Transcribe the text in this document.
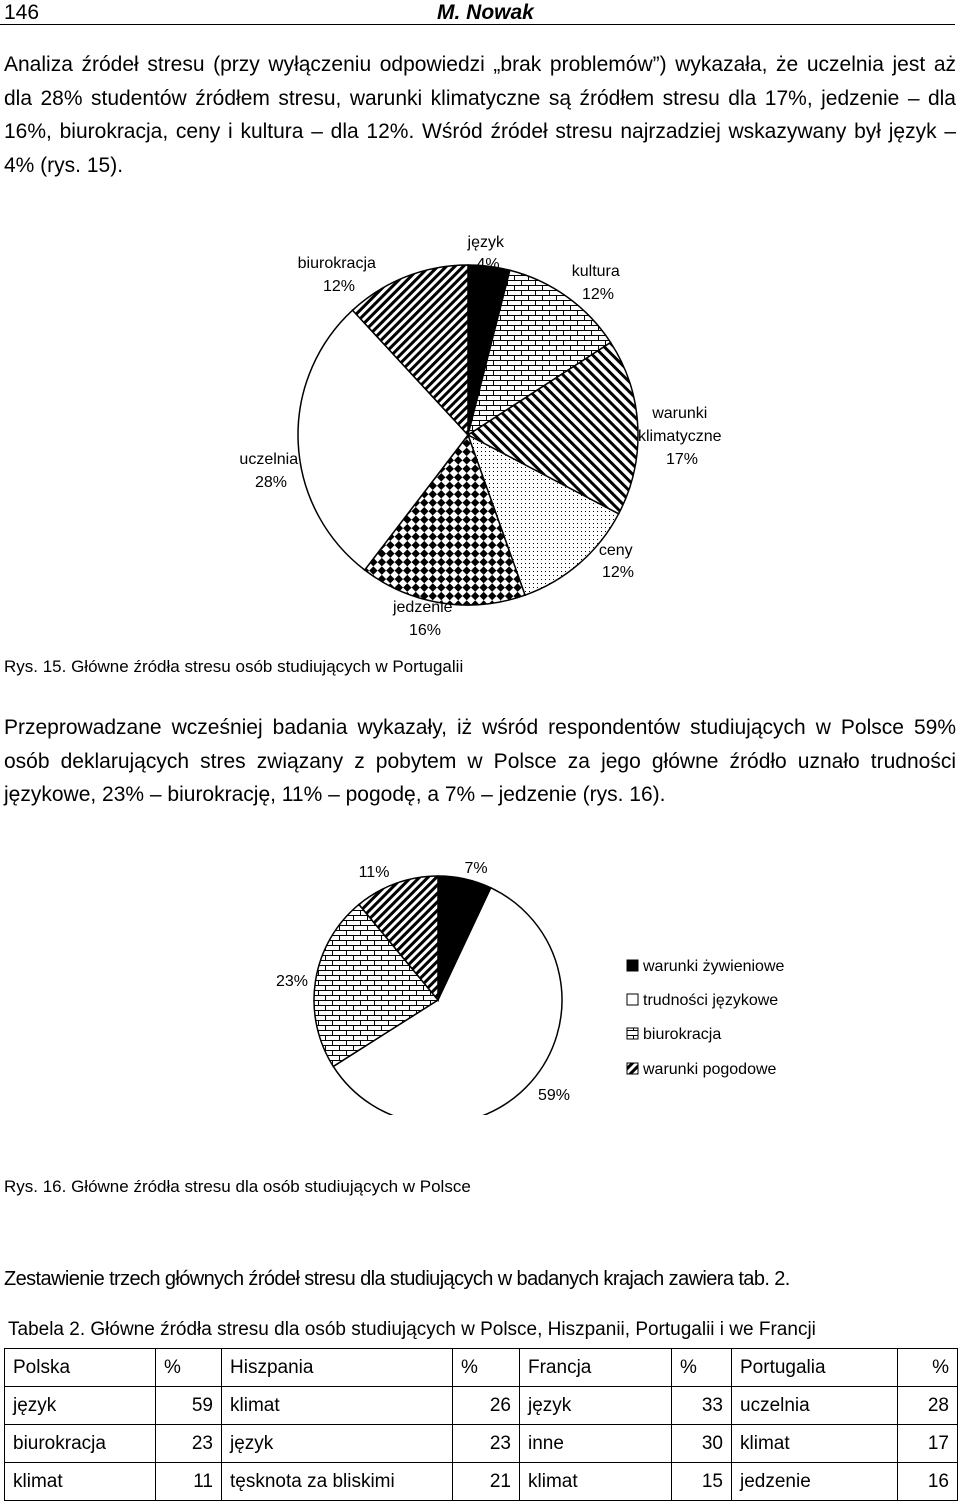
146	M. Nowak

Analiza źródeł stresu (przy wyłączeniu odpowiedzi „brak problemów”) wykazała, że uczelnia jest aż dla 28% studentów źródłem stresu, warunki klimatyczne są źródłem stresu dla 17%, jedzenie – dla 16%, biurokracja, ceny i kultura – dla 12%. Wśród źródeł stresu najrzadziej wskazywany był język – 4% (rys. 15).

język 4%	kultura 12%
warunki klimatyczne 17%
ceny 12%
jedzenie 16%
uczelnia 28%
biurokracja 12%

Rys. 15. Główne źródła stresu osób studiujących w Portugalii

Przeprowadzane wcześniej badania wykazały, iż wśród respondentów studiujących w Polsce 59% osób deklarujących stres związany z pobytem w Polsce za jego główne źródło uznało trudności językowe, 23% – biurokrację, 11% – pogodę, a 7% – jedzenie (rys. 16).

7%
11%
23%
59%
warunki żywieniowe
trudności językowe
biurokracja
warunki pogodowe

Rys. 16. Główne źródła stresu dla osób studiujących w Polsce

Zestawienie trzech głównych źródeł stresu dla studiujących w badanych krajach zawiera tab. 2.

Tabela 2. Główne źródła stresu dla osób studiujących w Polsce, Hiszpanii, Portugalii i we Francji

Polska	%	Hiszpania	%	Francja	%	Portugalia	%
język	59	klimat	26	język	33	uczelnia	28
biurokracja	23	język	23	inne	30	klimat	17
klimat	11	tęsknota za bliskimi	21	klimat	15	jedzenie	16
